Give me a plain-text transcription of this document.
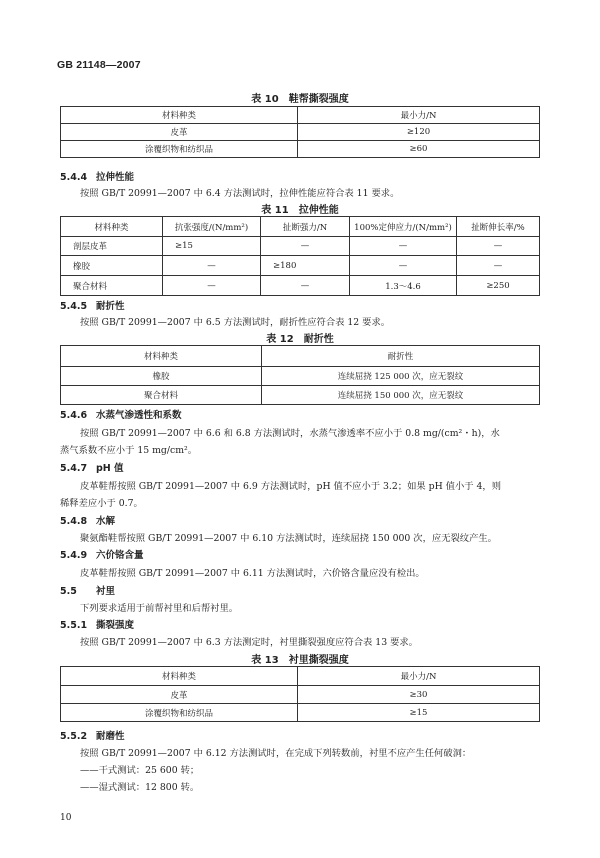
GB 21148—2007
表 10　鞋帮撕裂强度
材料种类	最小力/N
皮革	≥120
涂覆织物和纺织品	≥60
5.4.4 拉伸性能
按照 GB/T 20991—2007 中 6.4 方法测试时，拉伸性能应符合表 11 要求。
表 11　拉伸性能
材料种类	抗张强度/(N/mm²)	扯断强力/N	100%定伸应力/(N/mm²)	扯断伸长率/%
剖层皮革	≥15	—	—	—
橡胶	—	≥180	—	—
聚合材料	—	—	1.3～4.6	≥250
5.4.5 耐折性
按照 GB/T 20991—2007 中 6.5 方法测试时，耐折性应符合表 12 要求。
表 12　耐折性
材料种类	耐折性
橡胶	连续屈挠 125 000 次，应无裂纹
聚合材料	连续屈挠 150 000 次，应无裂纹
5.4.6 水蒸气渗透性和系数
按照 GB/T 20991—2007 中 6.6 和 6.8 方法测试时，水蒸气渗透率不应小于 0.8 mg/(cm²・h)，水
蒸气系数不应小于 15 mg/cm²。
5.4.7 pH 值
皮革鞋帮按照 GB/T 20991—2007 中 6.9 方法测试时，pH 值不应小于 3.2；如果 pH 值小于 4，则
稀释差应小于 0.7。
5.4.8 水解
聚氨酯鞋帮按照 GB/T 20991—2007 中 6.10 方法测试时，连续屈挠 150 000 次，应无裂纹产生。
5.4.9 六价铬含量
皮革鞋帮按照 GB/T 20991—2007 中 6.11 方法测试时，六价铬含量应没有检出。
5.5 衬里
下列要求适用于前帮衬里和后帮衬里。
5.5.1 撕裂强度
按照 GB/T 20991—2007 中 6.3 方法测定时，衬里撕裂强度应符合表 13 要求。
表 13　衬里撕裂强度
材料种类	最小力/N
皮革	≥30
涂覆织物和纺织品	≥15
5.5.2 耐磨性
按照 GB/T 20991—2007 中 6.12 方法测试时，在完成下列转数前，衬里不应产生任何破洞：
——干式测试：25 600 转；
——湿式测试：12 800 转。
10
